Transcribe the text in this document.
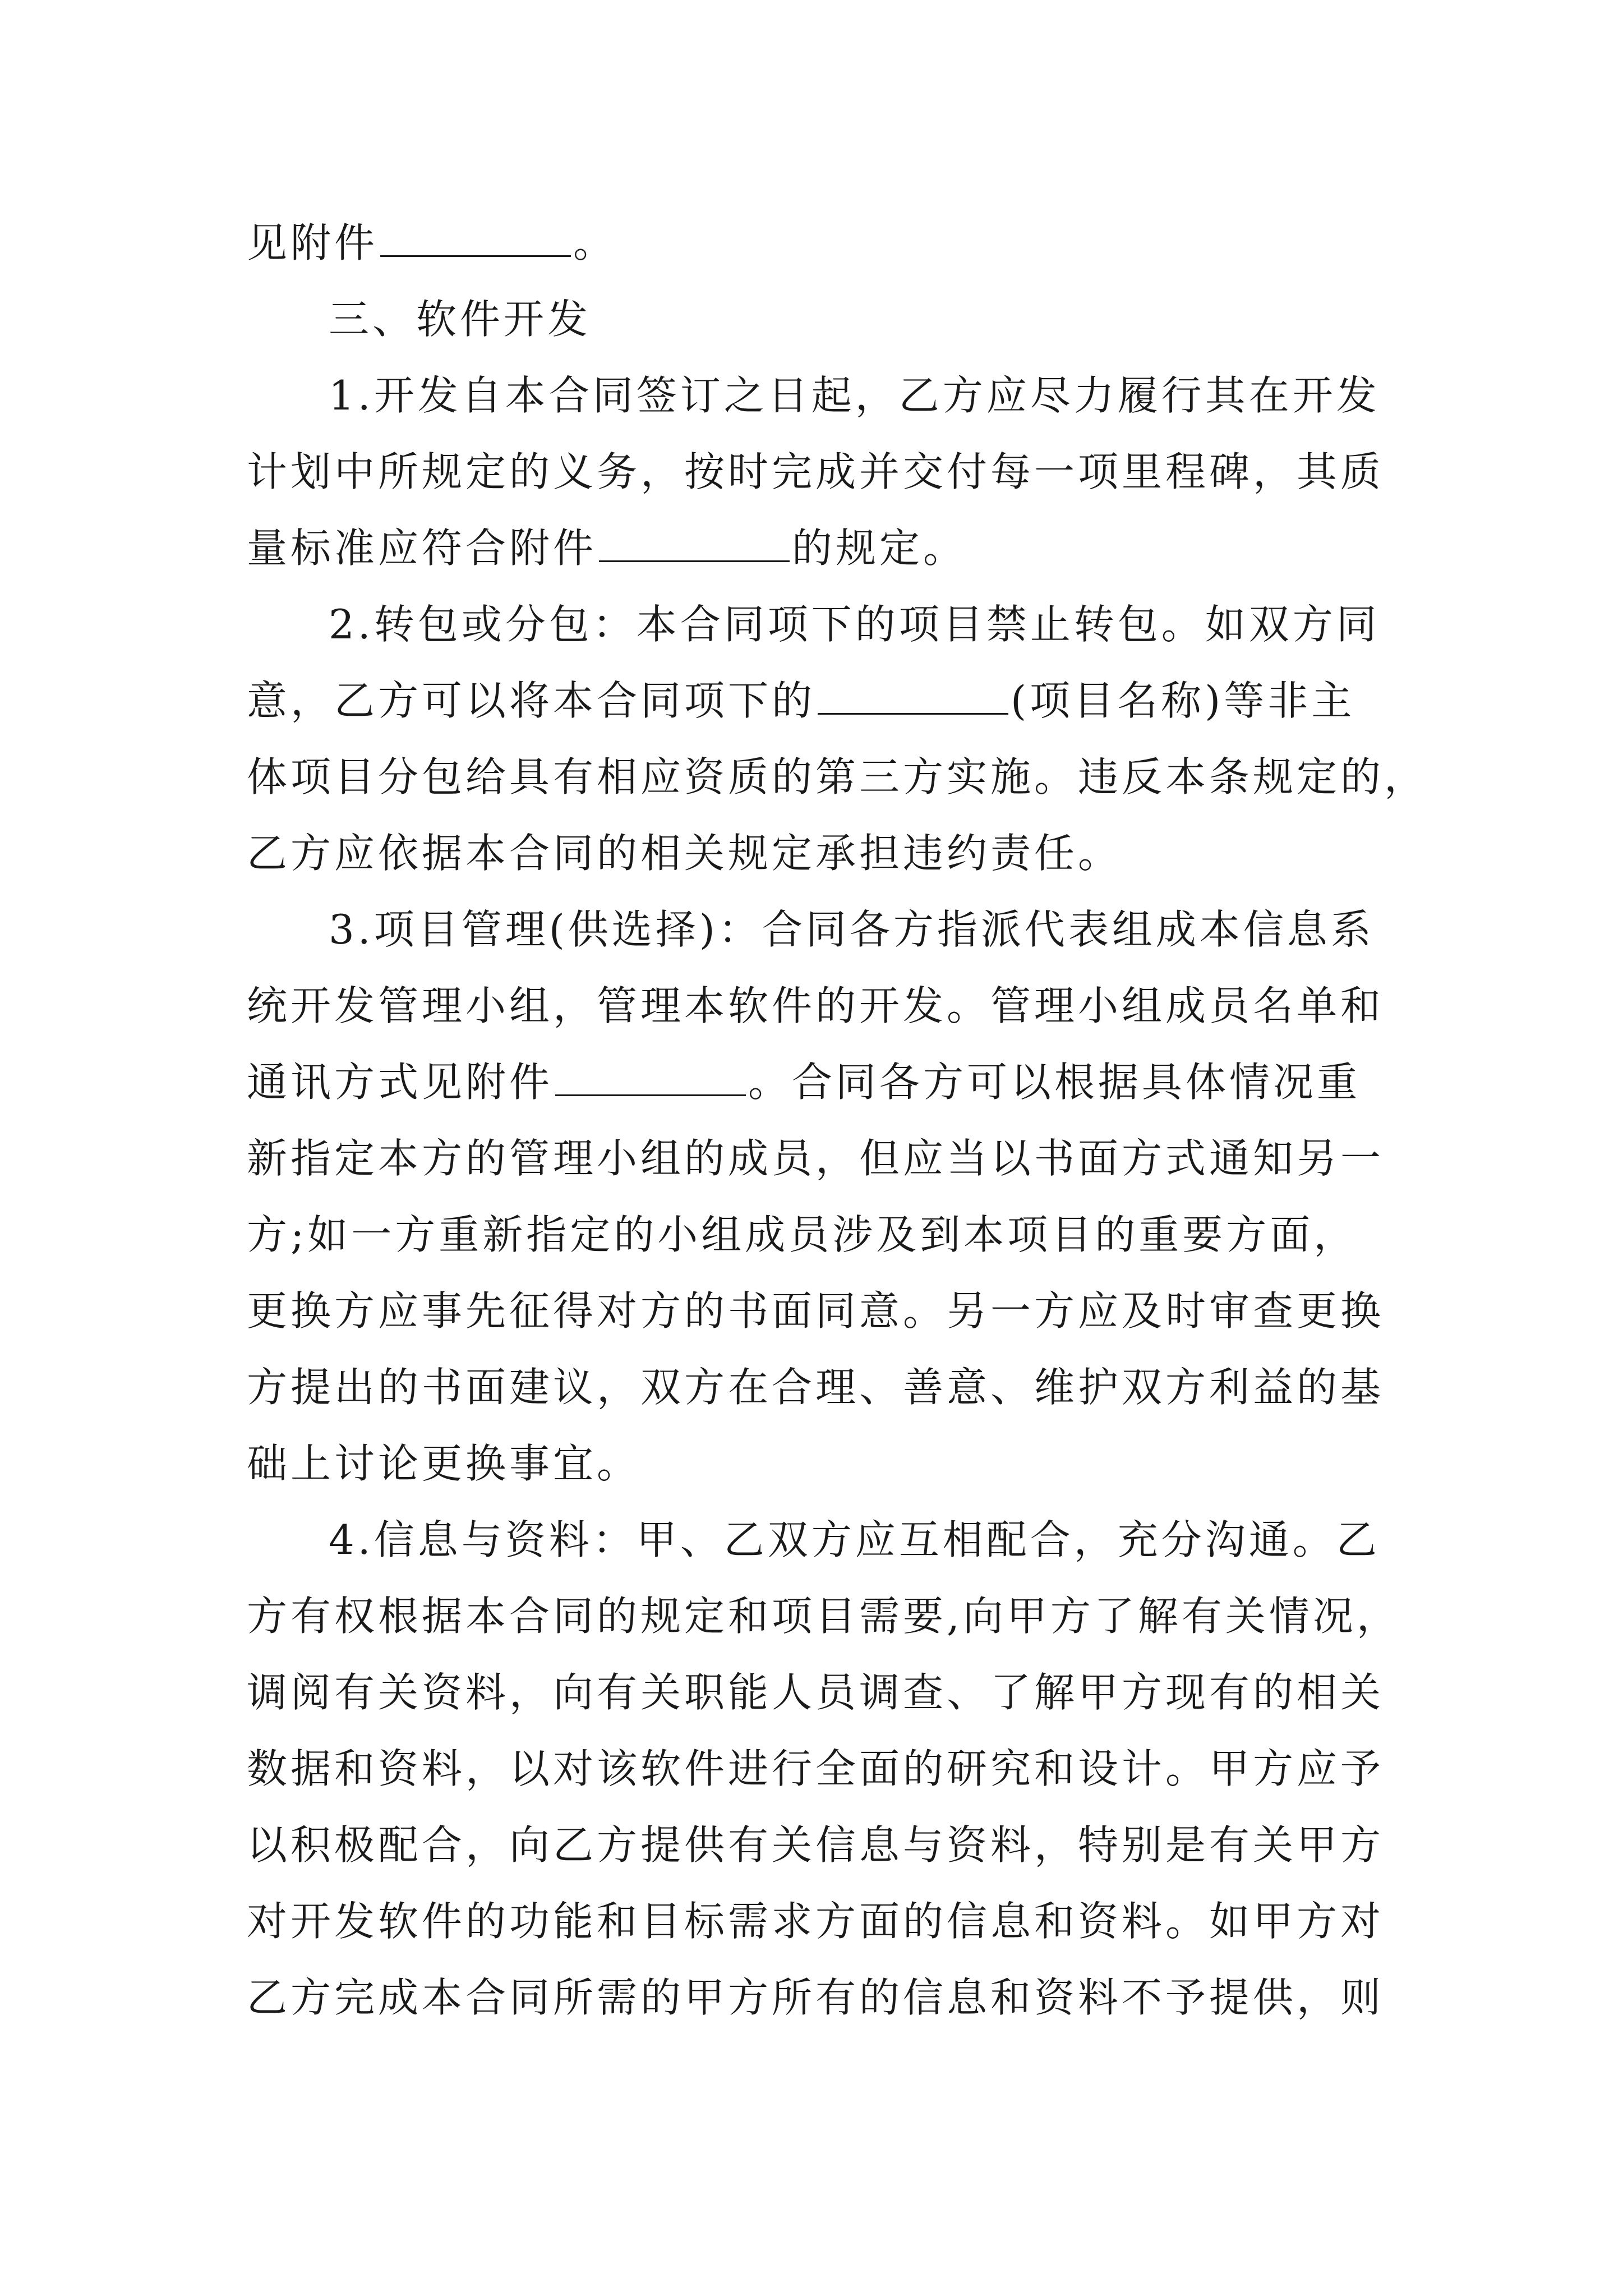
见附件	。
三、软件开发
1.开发自本合同签订之日起，乙方应尽力履行其在开发
计划中所规定的义务，按时完成并交付每一项里程碑，其质
量标准应符合附件	的规定。
2.转包或分包：本合同项下的项目禁止转包。如双方同
意，乙方可以将本合同项下的	(项目名称)等非主
体项目分包给具有相应资质的第三方实施。违反本条规定的，
乙方应依据本合同的相关规定承担违约责任。
3.项目管理(供选择)：合同各方指派代表组成本信息系
统开发管理小组，管理本软件的开发。管理小组成员名单和
通讯方式见附件	。合同各方可以根据具体情况重
新指定本方的管理小组的成员，但应当以书面方式通知另一
方;如一方重新指定的小组成员涉及到本项目的重要方面，
更换方应事先征得对方的书面同意。另一方应及时审查更换
方提出的书面建议，双方在合理、善意、维护双方利益的基
础上讨论更换事宜。
4.信息与资料：甲、乙双方应互相配合，充分沟通。乙
方有权根据本合同的规定和项目需要,向甲方了解有关情况，
调阅有关资料，向有关职能人员调查、了解甲方现有的相关
数据和资料，以对该软件进行全面的研究和设计。甲方应予
以积极配合，向乙方提供有关信息与资料，特别是有关甲方
对开发软件的功能和目标需求方面的信息和资料。如甲方对
乙方完成本合同所需的甲方所有的信息和资料不予提供，则
